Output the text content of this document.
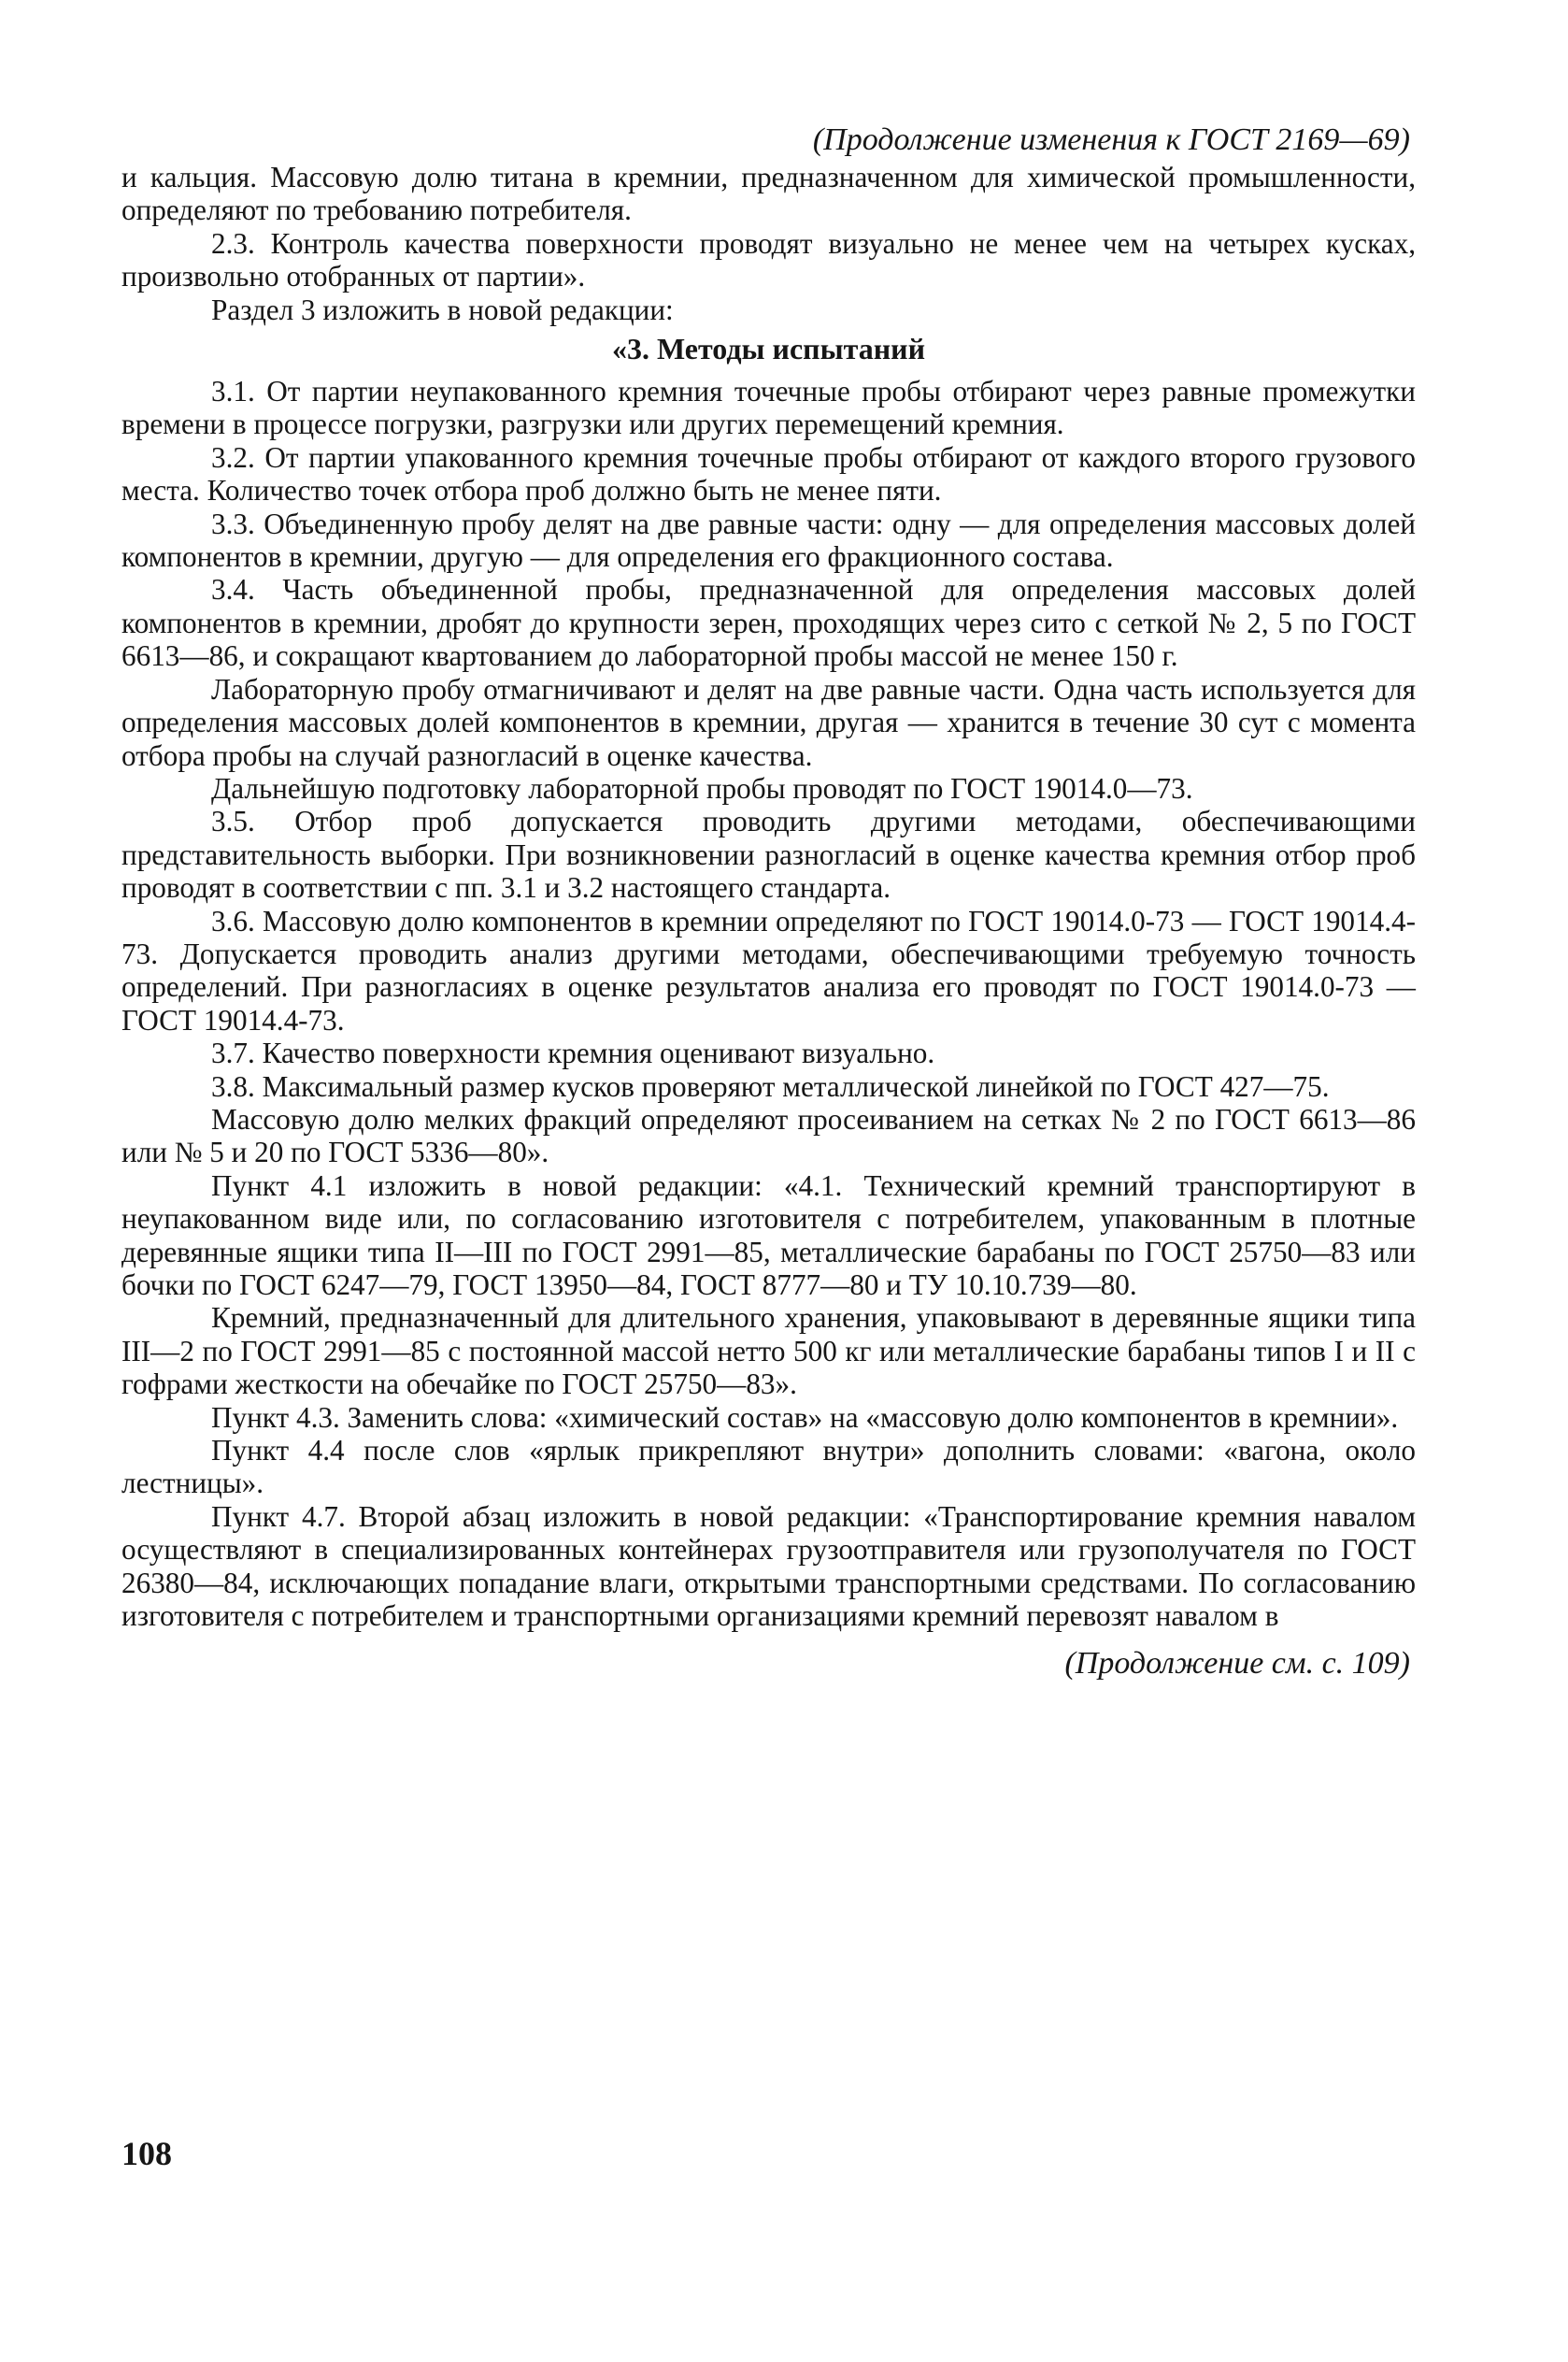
(Продолжение изменения к ГОСТ 2169—69)

и кальция. Массовую долю титана в кремнии, предназначенном для химической промышленности, определяют по требованию потребителя.

2.3. Контроль качества поверхности проводят визуально не менее чем на четырех кусках, произвольно отобранных от партии».

Раздел 3 изложить в новой редакции:

«3. Методы испытаний

3.1. От партии неупакованного кремния точечные пробы отбирают через равные промежутки времени в процессе погрузки, разгрузки или других перемещений кремния.

3.2. От партии упакованного кремния точечные пробы отбирают от каждого второго грузового места. Количество точек отбора проб должно быть не менее пяти.

3.3. Объединенную пробу делят на две равные части: одну — для определения массовых долей компонентов в кремнии, другую — для определения его фракционного состава.

3.4. Часть объединенной пробы, предназначенной для определения массовых долей компонентов в кремнии, дробят до крупности зерен, проходящих через сито с сеткой № 2, 5 по ГОСТ 6613—86, и сокращают квартованием до лабораторной пробы массой не менее 150 г.

Лабораторную пробу отмагничивают и делят на две равные части. Одна часть используется для определения массовых долей компонентов в кремнии, другая — хранится в течение 30 сут с момента отбора пробы на случай разногласий в оценке качества.

Дальнейшую подготовку лабораторной пробы проводят по ГОСТ 19014.0—73.

3.5. Отбор проб допускается проводить другими методами, обеспечивающими представительность выборки. При возникновении разногласий в оценке качества кремния отбор проб проводят в соответствии с пп. 3.1 и 3.2 настоящего стандарта.

3.6. Массовую долю компонентов в кремнии определяют по ГОСТ 19014.0-73 — ГОСТ 19014.4-73. Допускается проводить анализ другими методами, обеспечивающими требуемую точность определений. При разногласиях в оценке результатов анализа его проводят по ГОСТ 19014.0-73 — ГОСТ 19014.4-73.

3.7. Качество поверхности кремния оценивают визуально.

3.8. Максимальный размер кусков проверяют металлической линейкой по ГОСТ 427—75.

Массовую долю мелких фракций определяют просеиванием на сетках № 2 по ГОСТ 6613—86 или № 5 и 20 по ГОСТ 5336—80».

Пункт 4.1 изложить в новой редакции: «4.1. Технический кремний транспортируют в неупакованном виде или, по согласованию изготовителя с потребителем, упакованным в плотные деревянные ящики типа II—III по ГОСТ 2991—85, металлические барабаны по ГОСТ 25750—83 или бочки по ГОСТ 6247—79, ГОСТ 13950—84, ГОСТ 8777—80 и ТУ 10.10.739—80.

Кремний, предназначенный для длительного хранения, упаковывают в деревянные ящики типа III—2 по ГОСТ 2991—85 с постоянной массой нетто 500 кг или металлические барабаны типов I и II с гофрами жесткости на обечайке по ГОСТ 25750—83».

Пункт 4.3. Заменить слова: «химический состав» на «массовую долю компонентов в кремнии».

Пункт 4.4 после слов «ярлык прикрепляют внутри» дополнить словами: «вагона, около лестницы».

Пункт 4.7. Второй абзац изложить в новой редакции: «Транспортирование кремния навалом осуществляют в специализированных контейнерах грузоотправителя или грузополучателя по ГОСТ 26380—84, исключающих попадание влаги, открытыми транспортными средствами. По согласованию изготовителя с потребителем и транспортными организациями кремний перевозят навалом в

(Продолжение см. с. 109)
108
